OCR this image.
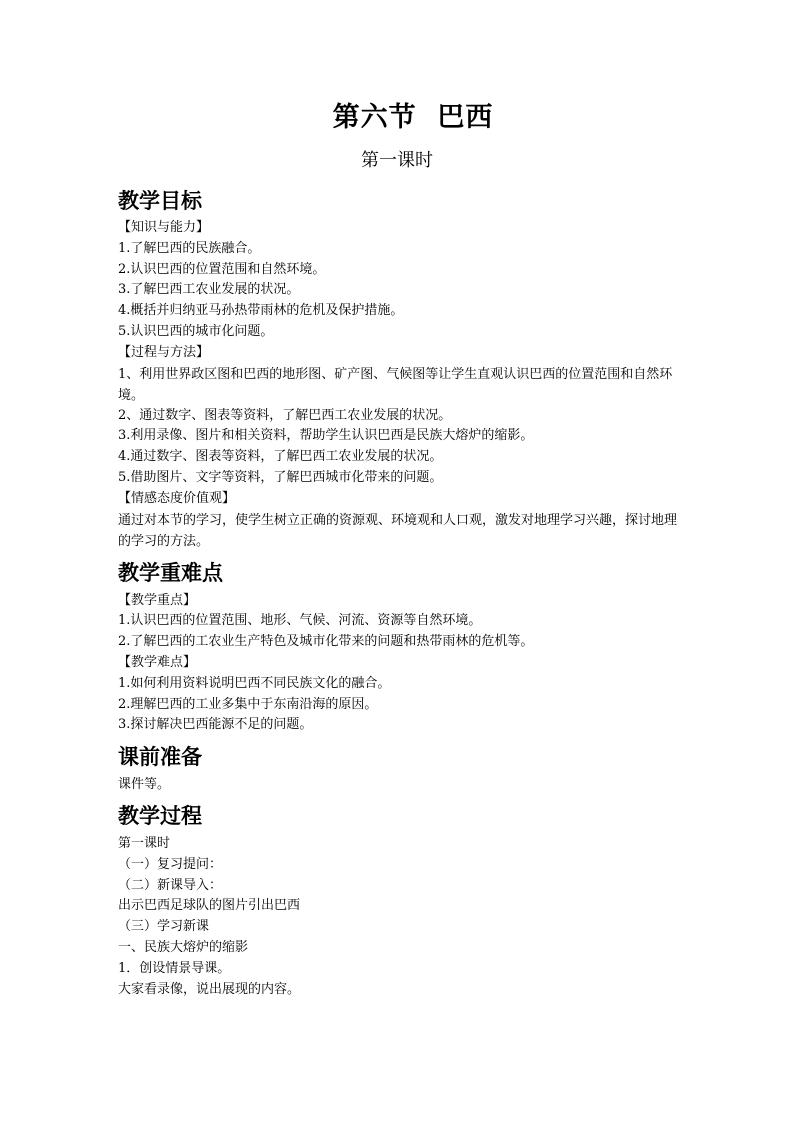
第六节  巴西
第一课时

教学目标

【知识与能力】

1.了解巴西的民族融合。

2.认识巴西的位置范围和自然环境。

3.了解巴西工农业发展的状况。

4.概括并归纳亚马孙热带雨林的危机及保护措施。

5.认识巴西的城市化问题。

【过程与方法】

1、利用世界政区图和巴西的地形图、矿产图、气候图等让学生直观认识巴西的位置范围和自然环境。

2、通过数字、图表等资料，了解巴西工农业发展的状况。

3.利用录像、图片和相关资料，帮助学生认识巴西是民族大熔炉的缩影。

4.通过数字、图表等资料，了解巴西工农业发展的状况。

5.借助图片、文字等资料，了解巴西城市化带来的问题。

【情感态度价值观】

通过对本节的学习，使学生树立正确的资源观、环境观和人口观，激发对地理学习兴趣，探讨地理的学习的方法。

教学重难点

【教学重点】

1.认识巴西的位置范围、地形、气候、河流、资源等自然环境。

2.了解巴西的工农业生产特色及城市化带来的问题和热带雨林的危机等。

【教学难点】

1.如何利用资料说明巴西不同民族文化的融合。

2.理解巴西的工业多集中于东南沿海的原因。

3.探讨解决巴西能源不足的问题。

课前准备

课件等。

教学过程

第一课时

（一）复习提问：

（二）新课导入：

出示巴西足球队的图片引出巴西

（三）学习新课

一、民族大熔炉的缩影

1．创设情景导课。

大家看录像，说出展现的内容。
